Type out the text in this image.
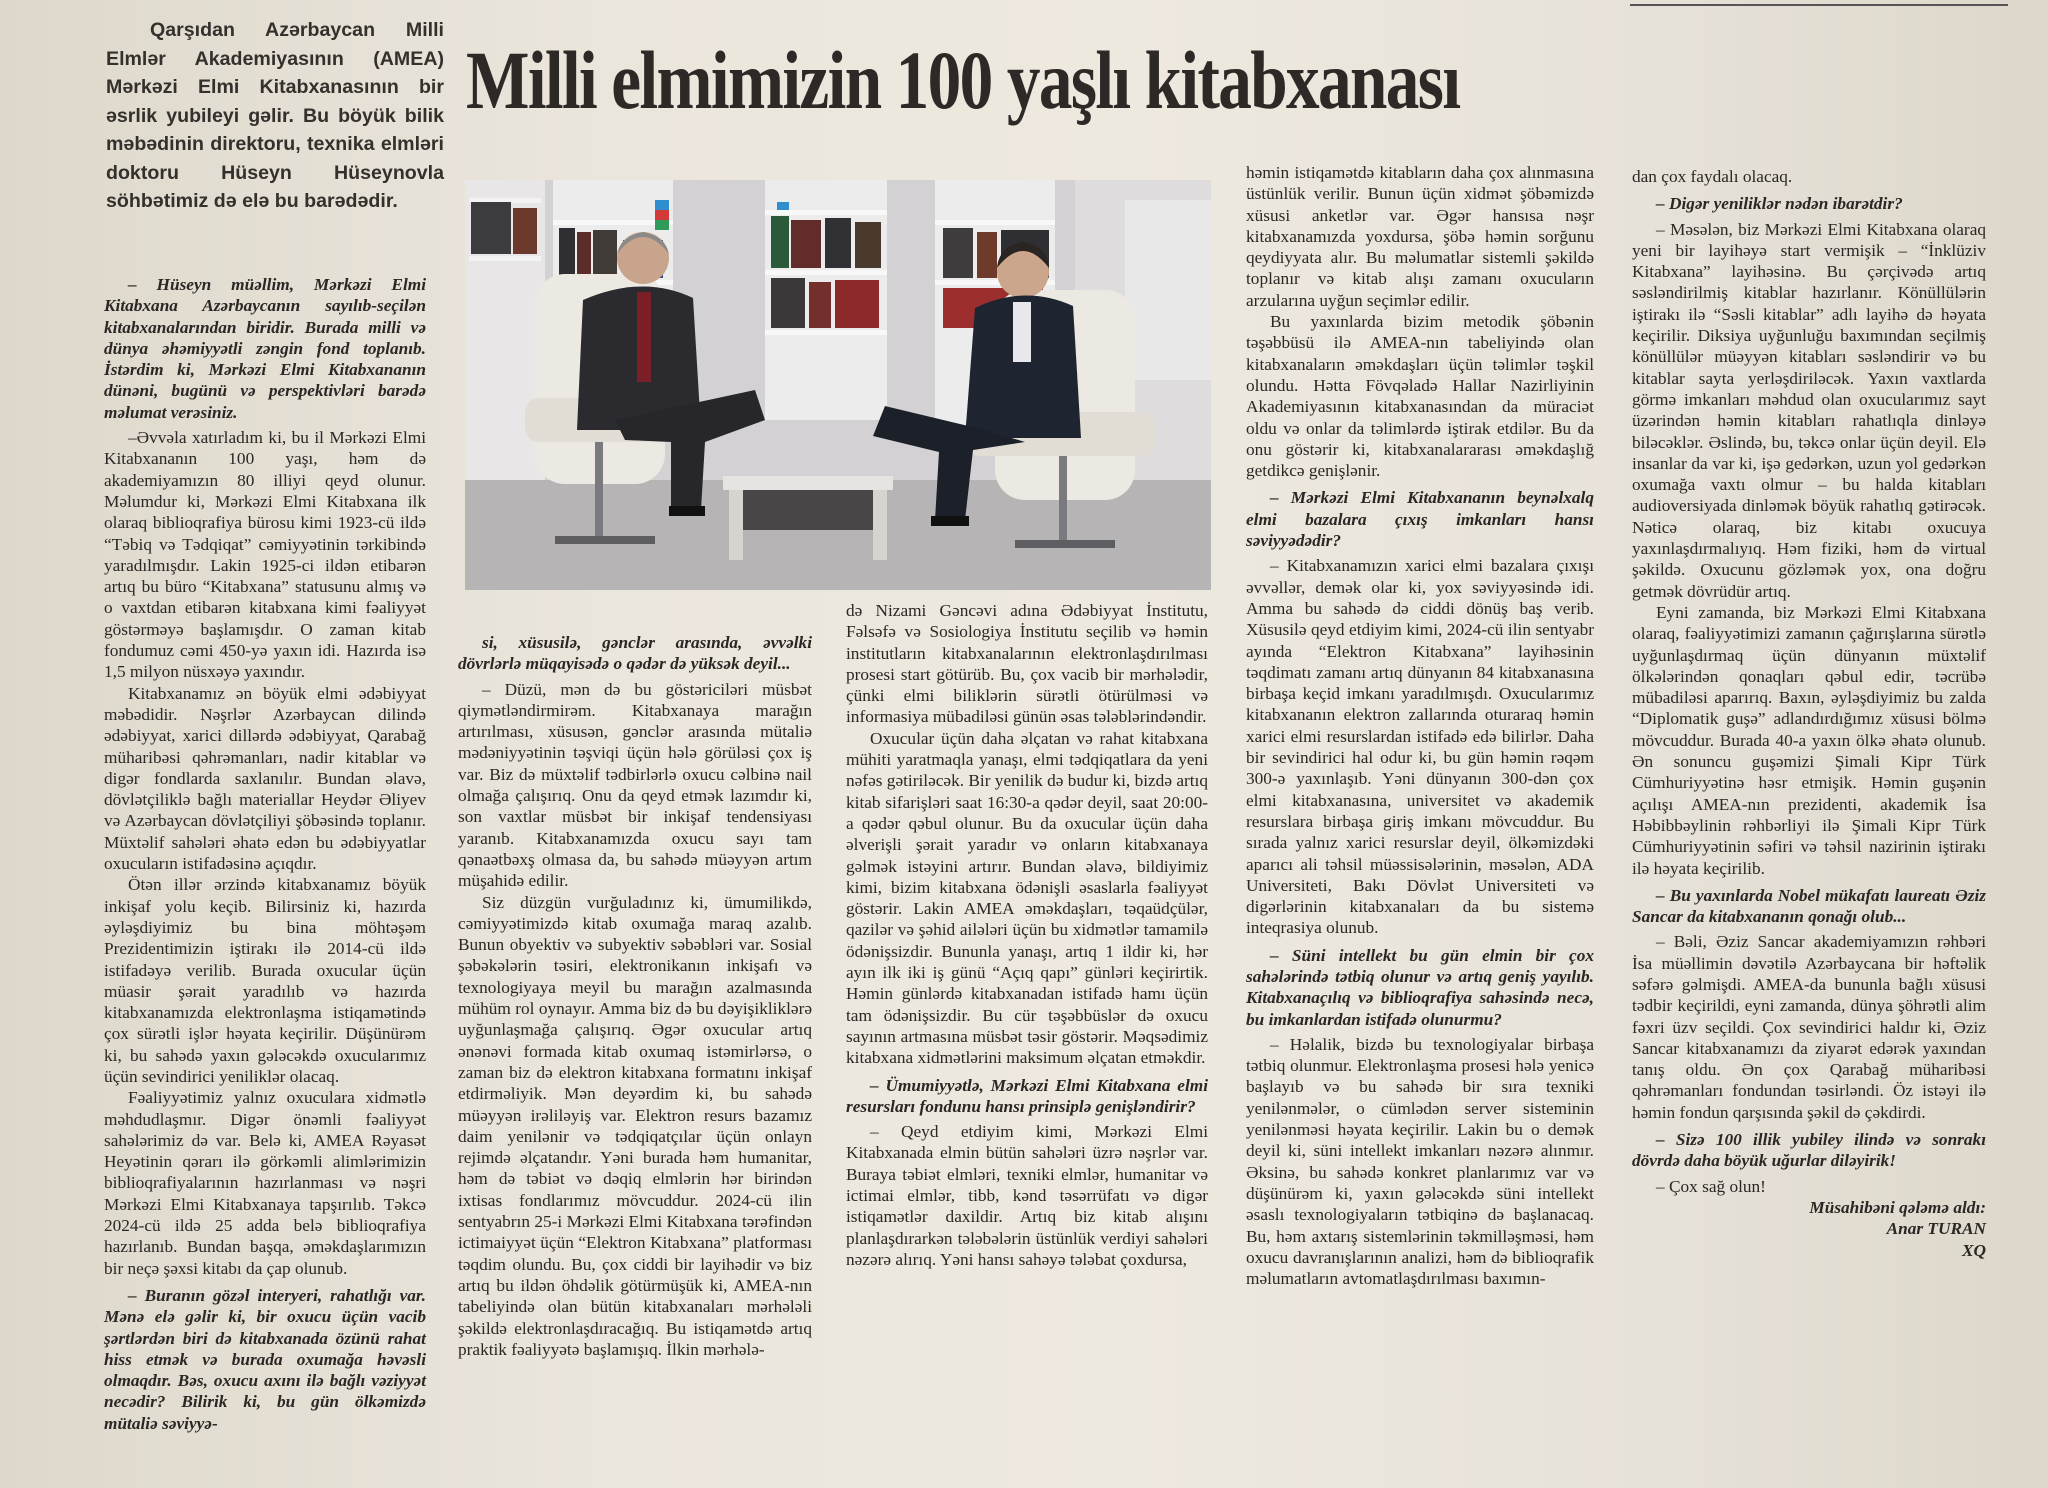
Qarşıdan Azərbaycan Milli Elmlər Akademiyasının (AMEA) Mərkəzi Elmi Kitabxanasının bir əsrlik yubileyi gəlir. Bu böyük bilik məbədinin direktoru, texnika elmləri doktoru Hüseyn Hüseynovla söhbətimiz də elə bu barədədir.
Milli elmimizin 100 yaşlı kitabxanası

– Hüseyn müəllim, Mərkəzi Elmi Kitabxana Azərbaycanın sayılıb-seçilən kitabxanalarından biridir. Burada milli və dünya əhəmiyyətli zəngin fond toplanıb. İstərdim ki, Mərkəzi Elmi Kitabxananın dünəni, bugünü və perspektivləri barədə məlumat verəsiniz.

–Əvvəla xatırladım ki, bu il Mərkəzi Elmi Kitabxananın 100 yaşı, həm də akademiyamızın 80 illiyi qeyd olunur. Məlumdur ki, Mərkəzi Elmi Kitabxana ilk olaraq biblioqrafiya bürosu kimi 1923-cü ildə “Təbiq və Tədqiqat” cəmiyyətinin tərkibində yaradılmışdır. Lakin 1925-ci ildən etibarən artıq bu büro “Kitabxana” statusunu almış və o vaxtdan etibarən kitabxana kimi fəaliyyət göstərməyə başlamışdır. O zaman kitab fondumuz cəmi 450-yə yaxın idi. Hazırda isə 1,5 milyon nüsxəyə yaxındır.

Kitabxanamız ən böyük elmi ədəbiyyat məbədidir. Nəşrlər Azərbaycan dilində ədəbiyyat, xarici dillərdə ədəbiyyat, Qarabağ müharibəsi qəhrəmanları, nadir kitablar və digər fondlarda saxlanılır. Bundan əlavə, dövlətçiliklə bağlı materiallar Heydər Əliyev və Azərbaycan dövlətçiliyi şöbəsində toplanır. Müxtəlif sahələri əhatə edən bu ədəbiyyatlar oxucuların istifadəsinə açıqdır.

Ötən illər ərzində kitabxanamız böyük inkişaf yolu keçib. Bilirsiniz ki, hazırda əyləşdiyimiz bu bina möhtəşəm Prezidentimizin iştirakı ilə 2014-cü ildə istifadəyə verilib. Burada oxucular üçün müasir şərait yaradılıb və hazırda kitabxanamızda elektronlaşma istiqamətində çox sürətli işlər həyata keçirilir. Düşünürəm ki, bu sahədə yaxın gələcəkdə oxucularımız üçün sevindirici yeniliklər olacaq.

Fəaliyyətimiz yalnız oxuculara xidmətlə məhdudlaşmır. Digər önəmli fəaliyyət sahələrimiz də var. Belə ki, AMEA Rəyasət Heyətinin qərarı ilə görkəmli alimlərimizin biblioqrafiyalarının hazırlanması və nəşri Mərkəzi Elmi Kitabxanaya tapşırılıb. Təkcə 2024-cü ildə 25 adda belə biblioqrafiya hazırlanıb. Bundan başqa, əməkdaşlarımızın bir neçə şəxsi kitabı da çap olunub.

– Buranın gözəl interyeri, rahatlığı var. Mənə elə gəlir ki, bir oxucu üçün vacib şərtlərdən biri də kitabxanada özünü rahat hiss etmək və burada oxumağa həvəsli olmaqdır. Bəs, oxucu axını ilə bağlı vəziyyət necədir? Bilirik ki, bu gün ölkəmizdə mütaliə səviyyə-

si, xüsusilə, gənclər arasında, əvvəlki dövrlərlə müqayisədə o qədər də yüksək deyil...

– Düzü, mən də bu göstəriciləri müsbət qiymətləndirmirəm. Kitabxanaya marağın artırılması, xüsusən, gənclər arasında mütaliə mədəniyyətinin təşviqi üçün hələ görüləsi çox iş var. Biz də müxtəlif tədbirlərlə oxucu cəlbinə nail olmağa çalışırıq. Onu da qeyd etmək lazımdır ki, son vaxtlar müsbət bir inkişaf tendensiyası yaranıb. Kitabxanamızda oxucu sayı tam qənaətbəxş olmasa da, bu sahədə müəyyən artım müşahidə edilir.

Siz düzgün vurğuladınız ki, ümumilikdə, cəmiyyətimizdə kitab oxumağa maraq azalıb. Bunun obyektiv və subyektiv səbəbləri var. Sosial şəbəkələrin təsiri, elektronikanın inkişafı və texnologiyaya meyil bu marağın azalmasında mühüm rol oynayır. Amma biz də bu dəyişikliklərə uyğunlaşmağa çalışırıq. Əgər oxucular artıq ənənəvi formada kitab oxumaq istəmirlərsə, o zaman biz də elektron kitabxana formatını inkişaf etdirməliyik. Mən deyərdim ki, bu sahədə müəyyən irəliləyiş var. Elektron resurs bazamız daim yenilənir və tədqiqatçılar üçün onlayn rejimdə əlçatandır. Yəni burada həm humanitar, həm də təbiət və dəqiq elmlərin hər birindən ixtisas fondlarımız mövcuddur. 2024-cü ilin sentyabrın 25-i Mərkəzi Elmi Kitabxana tərəfindən ictimaiyyət üçün “Elektron Kitabxana” platforması təqdim olundu. Bu, çox ciddi bir layihədir və biz artıq bu ildən öhdəlik götürmüşük ki, AMEA-nın tabeliyində olan bütün kitabxanaları mərhələli şəkildə elektronlaşdıracağıq. Bu istiqamətdə artıq praktik fəaliyyətə başlamışıq. İlkin mərhələ-

də Nizami Gəncəvi adına Ədəbiyyat İnstitutu, Fəlsəfə və Sosiologiya İnstitutu seçilib və həmin institutların kitabxanalarının elektronlaşdırılması prosesi start götürüb. Bu, çox vacib bir mərhələdir, çünki elmi biliklərin sürətli ötürülməsi və informasiya mübadiləsi günün əsas tələblərindəndir.

Oxucular üçün daha əlçatan və rahat kitabxana mühiti yaratmaqla yanaşı, elmi tədqiqatlara da yeni nəfəs gətiriləcək. Bir yenilik də budur ki, bizdə artıq kitab sifarişləri saat 16:30-a qədər deyil, saat 20:00-a qədər qəbul olunur. Bu da oxucular üçün daha əlverişli şərait yaradır və onların kitabxanaya gəlmək istəyini artırır. Bundan əlavə, bildiyimiz kimi, bizim kitabxana ödənişli əsaslarla fəaliyyət göstərir. Lakin AMEA əməkdaşları, təqaüdçülər, qazilər və şəhid ailələri üçün bu xidmətlər tamamilə ödənişsizdir. Bununla yanaşı, artıq 1 ildir ki, hər ayın ilk iki iş günü “Açıq qapı” günləri keçirirtik. Həmin günlərdə kitabxanadan istifadə hamı üçün tam ödənişsizdir. Bu cür təşəbbüslər də oxucu sayının artmasına müsbət təsir göstərir. Məqsədimiz kitabxana xidmətlərini maksimum əlçatan etməkdir.

– Ümumiyyətlə, Mərkəzi Elmi Kitabxana elmi resursları fondunu hansı prinsiplə genişləndirir?

– Qeyd etdiyim kimi, Mərkəzi Elmi Kitabxanada elmin bütün sahələri üzrə nəşrlər var. Buraya təbiət elmləri, texniki elmlər, humanitar və ictimai elmlər, tibb, kənd təsərrüfatı və digər istiqamətlər daxildir. Artıq biz kitab alışını planlaşdırarkən tələbələrin üstünlük verdiyi sahələri nəzərə alırıq. Yəni hansı sahəyə tələbat çoxdursa,

həmin istiqamətdə kitabların daha çox alınmasına üstünlük verilir. Bunun üçün xidmət şöbəmizdə xüsusi anketlər var. Əgər hansısa nəşr kitabxanamızda yoxdursa, şöbə həmin sorğunu qeydiyyata alır. Bu məlumatlar sistemli şəkildə toplanır və kitab alışı zamanı oxucuların arzularına uyğun seçimlər edilir.

Bu yaxınlarda bizim metodik şöbənin təşəbbüsü ilə AMEA-nın tabeliyində olan kitabxanaların əməkdaşları üçün təlimlər təşkil olundu. Hətta Fövqəladə Hallar Nazirliyinin Akademiyasının kitabxanasından da müraciət oldu və onlar da təlimlərdə iştirak etdilər. Bu da onu göstərir ki, kitabxanalararası əməkdaşlığ getdikcə genişlənir.

– Mərkəzi Elmi Kitabxananın beynəlxalq elmi bazalara çıxış imkanları hansı səviyyədədir?

– Kitabxanamızın xarici elmi bazalara çıxışı əvvəllər, demək olar ki, yox səviyyəsində idi. Amma bu sahədə də ciddi dönüş baş verib. Xüsusilə qeyd etdiyim kimi, 2024-cü ilin sentyabr ayında “Elektron Kitabxana” layihəsinin təqdimatı zamanı artıq dünyanın 84 kitabxanasına birbaşa keçid imkanı yaradılmışdı. Oxucularımız kitabxananın elektron zallarında oturaraq həmin xarici elmi resurslardan istifadə edə bilirlər. Daha bir sevindirici hal odur ki, bu gün həmin rəqəm 300-ə yaxınlaşıb. Yəni dünyanın 300-dən çox elmi kitabxanasına, universitet və akademik resurslara birbaşa giriş imkanı mövcuddur. Bu sırada yalnız xarici resurslar deyil, ölkəmizdəki aparıcı ali təhsil müəssisələrinin, məsələn, ADA Universiteti, Bakı Dövlət Universiteti və digərlərinin kitabxanaları da bu sistemə inteqrasiya olunub.

– Süni intellekt bu gün elmin bir çox sahələrində tətbiq olunur və artıq geniş yayılıb. Kitabxanaçılıq və biblioqrafiya sahəsində necə, bu imkanlardan istifadə olunurmu?

– Həlalik, bizdə bu texnologiyalar birbaşa tətbiq olunmur. Elektronlaşma prosesi hələ yenicə başlayıb və bu sahədə bir sıra texniki yenilənmələr, o cümlədən server sisteminin yenilənməsi həyata keçirilir. Lakin bu o demək deyil ki, süni intellekt imkanları nəzərə alınmır. Əksinə, bu sahədə konkret planlarımız var və düşünürəm ki, yaxın gələcəkdə süni intellekt əsaslı texnologiyaların tətbiqinə də başlanacaq. Bu, həm axtarış sistemlərinin təkmilləşməsi, həm oxucu davranışlarının analizi, həm də biblioqrafik məlumatların avtomatlaşdırılması baxımın-

dan çox faydalı olacaq.

– Digər yeniliklər nədən ibarətdir?

– Məsələn, biz Mərkəzi Elmi Kitabxana olaraq yeni bir layihəyə start vermişik – “İnklüziv Kitabxana” layihəsinə. Bu çərçivədə artıq səsləndirilmiş kitablar hazırlanır. Könüllülərin iştirakı ilə “Səsli kitablar” adlı layihə də həyata keçirilir. Diksiya uyğunluğu baxımından seçilmiş könüllülər müəyyən kitabları səsləndirir və bu kitablar sayta yerləşdiriləcək. Yaxın vaxtlarda görmə imkanları məhdud olan oxucularımız sayt üzərindən həmin kitabları rahatlıqla dinləyə biləcəklər. Əslində, bu, təkcə onlar üçün deyil. Elə insanlar da var ki, işə gedərkən, uzun yol gedərkən oxumağa vaxtı olmur – bu halda kitabları audioversiyada dinləmək böyük rahatlıq gətirəcək. Nəticə olaraq, biz kitabı oxucuya yaxınlaşdırmalıyıq. Həm fiziki, həm də virtual şəkildə. Oxucunu gözləmək yox, ona doğru getmək dövrüdür artıq.

Eyni zamanda, biz Mərkəzi Elmi Kitabxana olaraq, fəaliyyətimizi zamanın çağırışlarına sürətlə uyğunlaşdırmaq üçün dünyanın müxtəlif ölkələrindən qonaqları qəbul edir, təcrübə mübadiləsi aparırıq. Baxın, əyləşdiyimiz bu zalda “Diplomatik guşə” adlandırdığımız xüsusi bölmə mövcuddur. Burada 40-a yaxın ölkə əhatə olunub. Ən sonuncu guşəmizi Şimali Kipr Türk Cümhuriyyətinə həsr etmişik. Həmin guşənin açılışı AMEA-nın prezidenti, akademik İsa Həbibbəylinin rəhbərliyi ilə Şimali Kipr Türk Cümhuriyyətinin səfiri və təhsil nazirinin iştirakı ilə həyata keçirilib.

– Bu yaxınlarda Nobel mükafatı laureatı Əziz Sancar da kitabxananın qonağı olub...

– Bəli, Əziz Sancar akademiyamızın rəhbəri İsa müəllimin dəvətilə Azərbaycana bir həftəlik səfərə gəlmişdi. AMEA-da bununla bağlı xüsusi tədbir keçirildi, eyni zamanda, dünya şöhrətli alim fəxri üzv seçildi. Çox sevindirici haldır ki, Əziz Sancar kitabxanamızı da ziyarət edərək yaxından tanış oldu. Ən çox Qarabağ müharibəsi qəhrəmanları fondundan təsirləndi. Öz istəyi ilə həmin fondun qarşısında şəkil də çəkdirdi.

– Sizə 100 illik yubiley ilində və sonrakı dövrdə daha böyük uğurlar diləyirik!

– Çox sağ olun!

Müsahibəni qələmə aldı:

Anar TURAN

XQ
